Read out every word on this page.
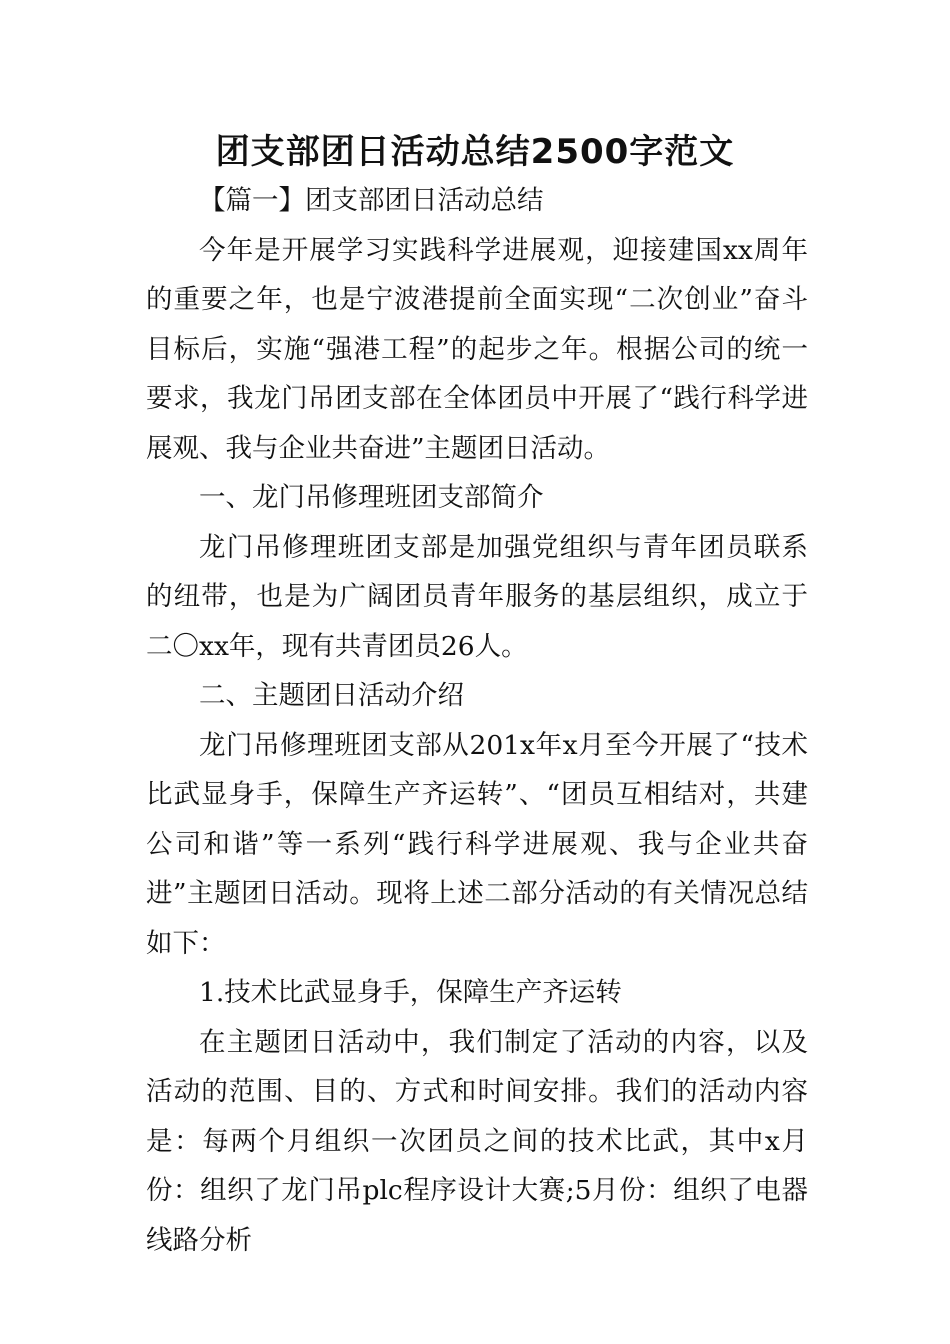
团支部团日活动总结2500字范文

【篇一】团支部团日活动总结

今年是开展学习实践科学进展观，迎接建国xx周年的重要之年，也是宁波港提前全面实现“二次创业”奋斗目标后，实施“强港工程”的起步之年。根据公司的统一要求，我龙门吊团支部在全体团员中开展了“践行科学进展观、我与企业共奋进”主题团日活动。

一、龙门吊修理班团支部简介

龙门吊修理班团支部是加强党组织与青年团员联系的纽带，也是为广阔团员青年服务的基层组织，成立于二〇xx年，现有共青团员26人。

二、主题团日活动介绍

龙门吊修理班团支部从201x年x月至今开展了“技术比武显身手，保障生产齐运转”、“团员互相结对，共建公司和谐”等一系列“践行科学进展观、我与企业共奋进”主题团日活动。现将上述二部分活动的有关情况总结如下：

1.技术比武显身手，保障生产齐运转

在主题团日活动中，我们制定了活动的内容，以及活动的范围、目的、方式和时间安排。我们的活动内容是：每两个月组织一次团员之间的技术比武，其中x月份：组织了龙门吊plc程序设计大赛;5月份：组织了电器线路分析
